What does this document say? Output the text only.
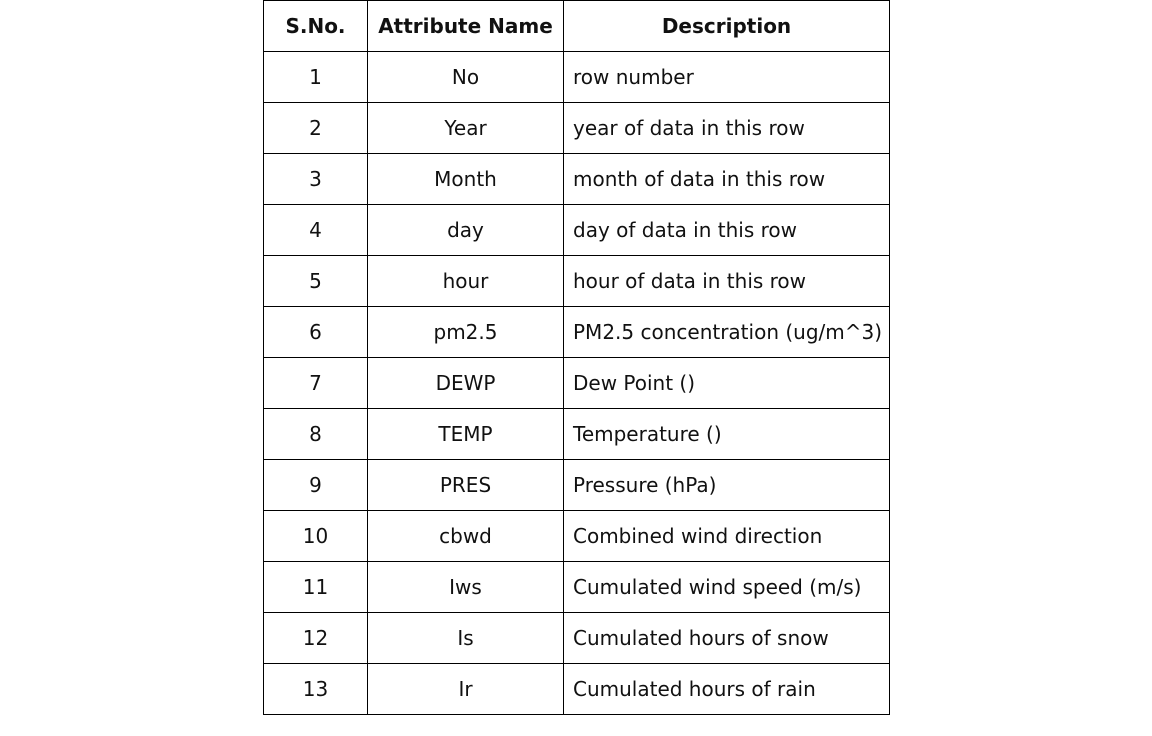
S.No.	Attribute Name	Description
1	No	row number
2	Year	year of data in this row
3	Month	month of data in this row
4	day	day of data in this row
5	hour	hour of data in this row
6	pm2.5	PM2.5 concentration (ug/m^3)
7	DEWP	Dew Point ()
8	TEMP	Temperature ()
9	PRES	Pressure (hPa)
10	cbwd	Combined wind direction
11	Iws	Cumulated wind speed (m/s)
12	Is	Cumulated hours of snow
13	Ir	Cumulated hours of rain
